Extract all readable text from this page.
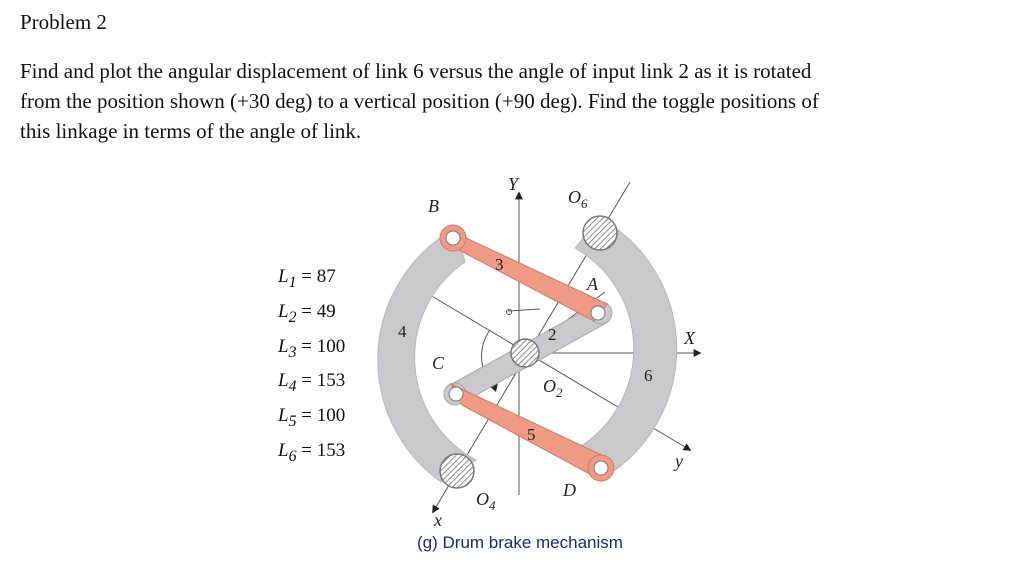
Problem 2

Find and plot the angular displacement of link 6 versus the angle of input link 2 as it is rotated
from the position shown (+30 deg) to a vertical position (+90 deg). Find the toggle positions of
this linkage in terms of the angle of link.

$L_1 = 87$
$L_2 = 49$
$L_3 = 100$
$L_4 = 153$
$L_5 = 100$
$L_6 = 153$
B
A
C
D
Y
X
x
y
$O_6$
$O_2$
$O_4$
2
3
4
5
6
(g) Drum brake mechanism
